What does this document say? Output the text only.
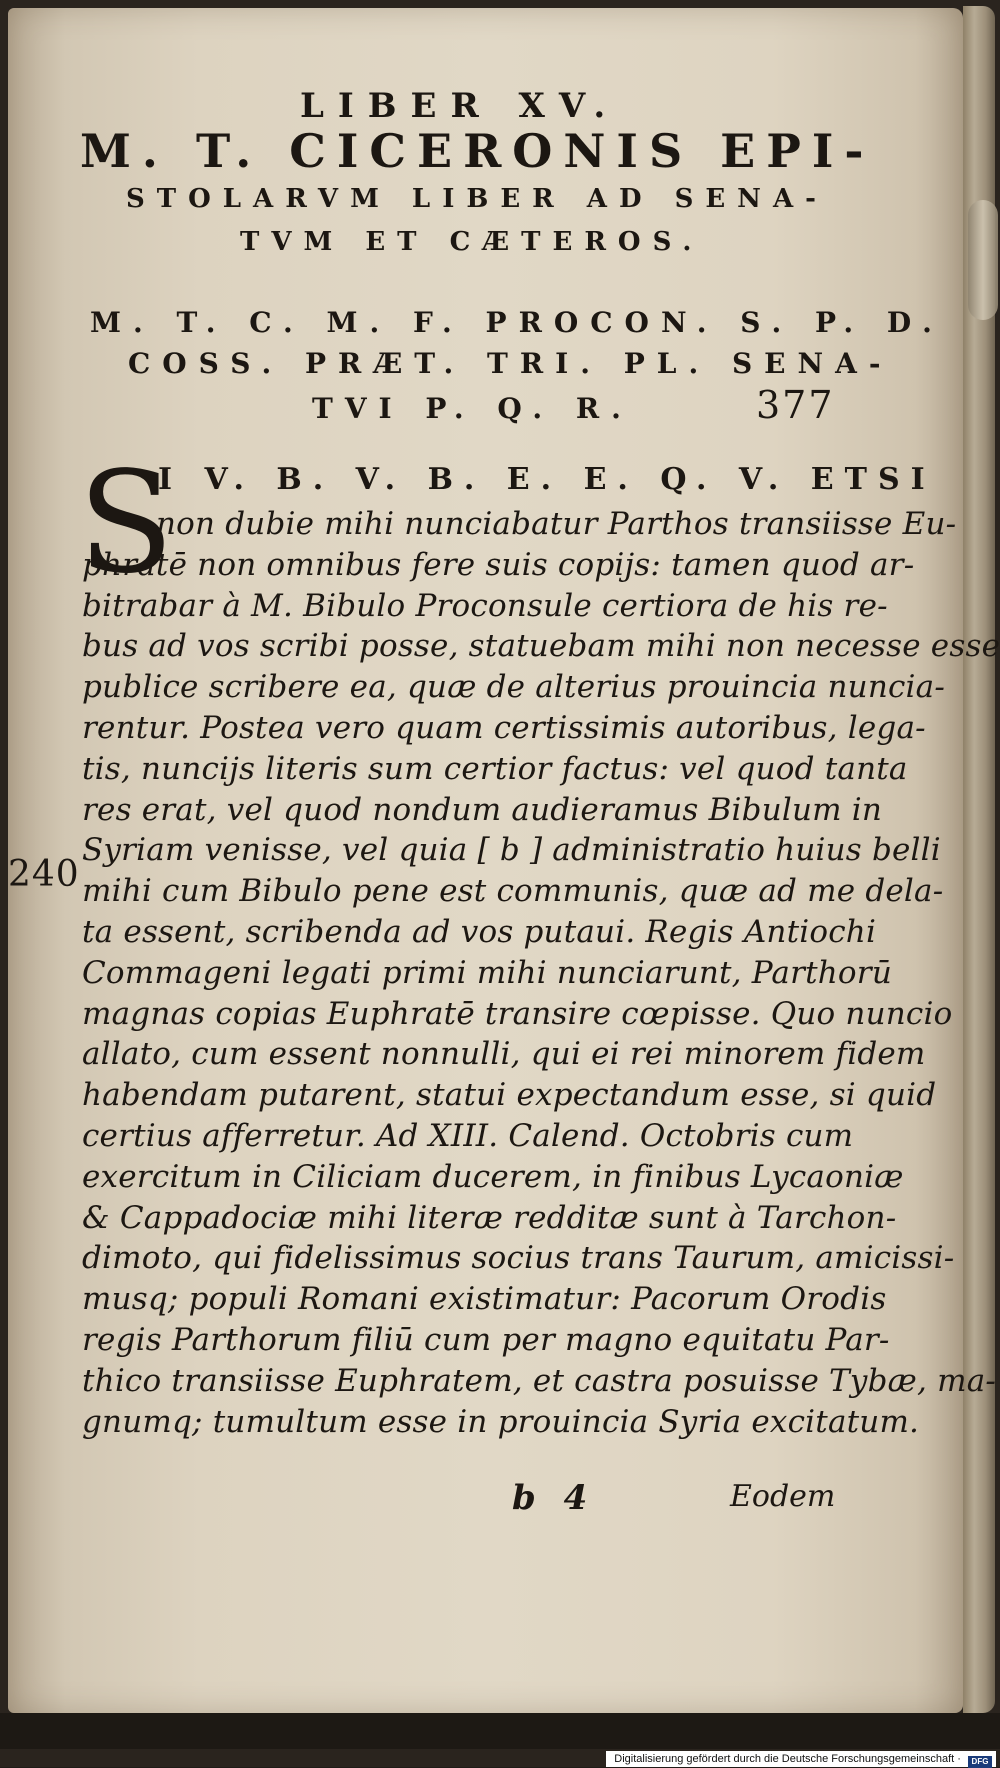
LIBER XV.
M. T. CICERONIS EPI-
STOLARVM LIBER AD SENA-
TVM ET CÆTEROS.
M. T. C. M. F. PROCON. S. P. D.
COSS. PRÆT. TRI. PL. SENA-
TVI P. Q. R.	377
S
I V. B. V. B. E. E. Q. V. ETSI
non dubie mihi nunciabatur Parthos transiisse Eu-
phratē non omnibus fere suis copijs: tamen quod ar-
bitrabar à M. Bibulo Proconsule certiora de his re-
bus ad vos scribi posse, statuebam mihi non necesse esse
publice scribere ea, quæ de alterius prouincia nuncia-
rentur. Postea vero quam certissimis autoribus, lega-
tis, nuncijs literis sum certior factus: vel quod tanta
res erat, vel quod nondum audieramus Bibulum in
Syriam venisse, vel quia [ b ] administratio huius belli
mihi cum Bibulo pene est communis, quæ ad me dela-
ta essent, scribenda ad vos putaui. Regis Antiochi
Commageni legati primi mihi nunciarunt, Parthorū
magnas copias Euphratē transire cœpisse. Quo nuncio
allato, cum essent nonnulli, qui ei rei minorem fidem
habendam putarent, statui expectandum esse, si quid
certius afferretur. Ad XIII. Calend. Octobris cum
exercitum in Ciliciam ducerem, in finibus Lycaoniæ
& Cappadociæ mihi literæ redditæ sunt à Tarchon-
dimoto, qui fidelissimus socius trans Taurum, amicissi-
musq; populi Romani existimatur: Pacorum Orodis
regis Parthorum filiū cum per magno equitatu Par-
thico transiisse Euphratem, et castra posuisse Tybæ, ma-
gnumq; tumultum esse in prouincia Syria excitatum.
240
b 4	Eodem
Digitalisierung gefördert durch die Deutsche Forschungsgemeinschaft · DFG
